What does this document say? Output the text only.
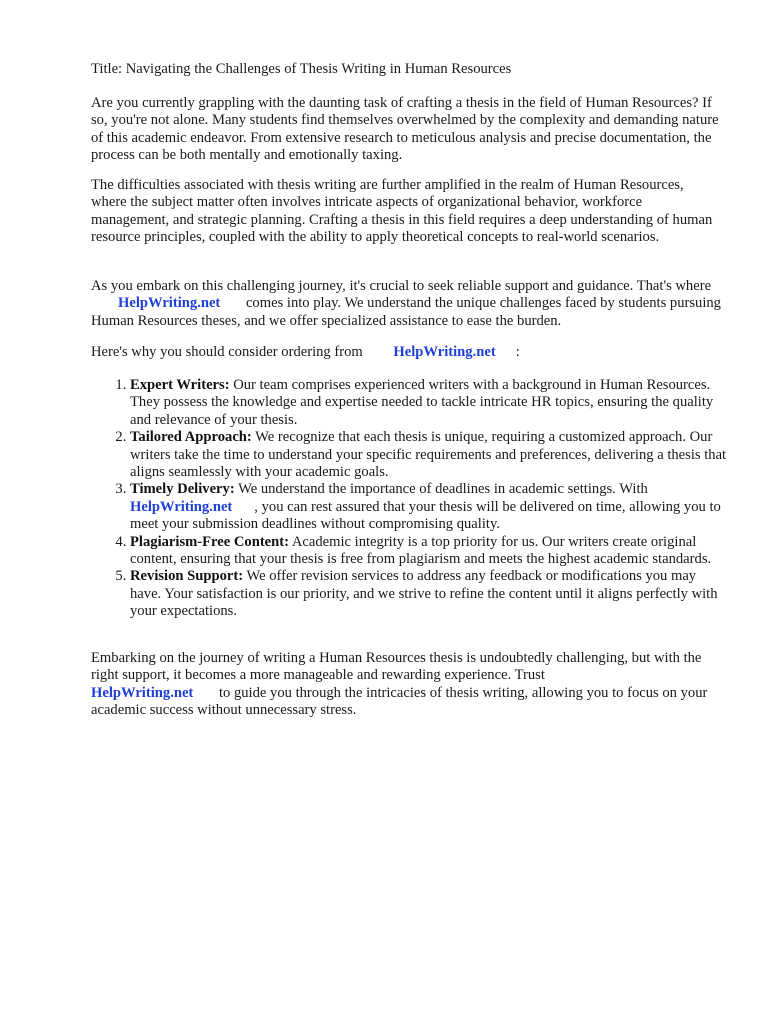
Title: Navigating the Challenges of Thesis Writing in Human Resources

Are you currently grappling with the daunting task of crafting a thesis in the field of Human Resources? If so, you're not alone. Many students find themselves overwhelmed by the complexity and demanding nature of this academic endeavor. From extensive research to meticulous analysis and precise documentation, the process can be both mentally and emotionally taxing.

The difficulties associated with thesis writing are further amplified in the realm of Human Resources, where the subject matter often involves intricate aspects of organizational behavior, workforce management, and strategic planning. Crafting a thesis in this field requires a deep understanding of human resource principles, coupled with the ability to apply theoretical concepts to real-world scenarios.

As you embark on this challenging journey, it's crucial to seek reliable support and guidance. That's where HelpWriting.net comes into play. We understand the unique challenges faced by students pursuing Human Resources theses, and we offer specialized assistance to ease the burden.

Here's why you should consider ordering from HelpWriting.net :

1. Expert Writers: Our team comprises experienced writers with a background in Human Resources. They possess the knowledge and expertise needed to tackle intricate HR topics, ensuring the quality and relevance of your thesis.
2. Tailored Approach: We recognize that each thesis is unique, requiring a customized approach. Our writers take the time to understand your specific requirements and preferences, delivering a thesis that aligns seamlessly with your academic goals.
3. Timely Delivery: We understand the importance of deadlines in academic settings. With
HelpWriting.net , you can rest assured that your thesis will be delivered on time, allowing you to meet your submission deadlines without compromising quality.
4. Plagiarism-Free Content: Academic integrity is a top priority for us. Our writers create original content, ensuring that your thesis is free from plagiarism and meets the highest academic standards.
5. Revision Support: We offer revision services to address any feedback or modifications you may have. Your satisfaction is our priority, and we strive to refine the content until it aligns perfectly with your expectations.

Embarking on the journey of writing a Human Resources thesis is undoubtedly challenging, but with the right support, it becomes a more manageable and rewarding experience. Trust
HelpWriting.net to guide you through the intricacies of thesis writing, allowing you to focus on your academic success without unnecessary stress.
